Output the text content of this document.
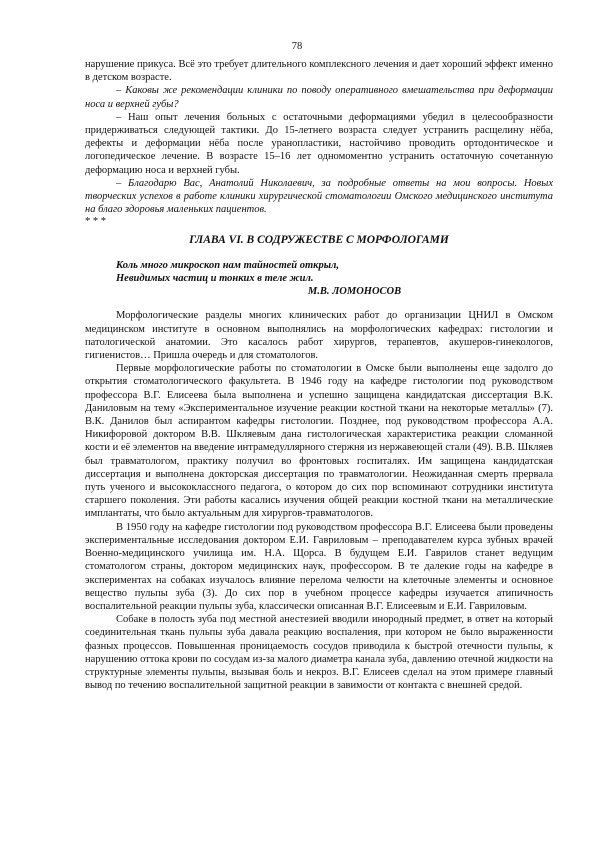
78

нарушение прикуса. Всё это требует длительного комплексного лечения и дает хороший эффект именно в детском возрасте.

– Каковы же рекомендации клиники по поводу оперативного вмешательства при деформации носа и верхней губы?

– Наш опыт лечения больных с остаточными деформациями убедил в целесообразности придерживаться следующей тактики. До 15-летнего возраста следует устранить расщелину нёба, дефекты и деформации нёба после уранопластики, настойчиво проводить ортодонтическое и логопедическое лечение. В возрасте 15–16 лет одномоментно устранить остаточную сочетанную деформацию носа и верхней губы.

– Благодарю Вас, Анатолий Николаевич, за подробные ответы на мои вопросы. Новых творческих успехов в работе клиники хирургической стоматологии Омского медицинского института на благо здоровья маленьких пациентов.

* * *

ГЛАВА VI. В СОДРУЖЕСТВЕ С МОРФОЛОГАМИ
Коль много микроскоп нам тайностей открыл,
Невидимых частиц и тонких в теле жил.
М.В. ЛОМОНОСОВ

Морфологические разделы многих клинических работ до организации ЦНИЛ в Омском медицинском институте в основном выполнялись на морфологических кафедрах: гистологии и патологической анатомии. Это касалось работ хирургов, терапевтов, акушеров-гинекологов, гигиенистов… Пришла очередь и для стоматологов.

Первые морфологические работы по стоматологии в Омске были выполнены еще задолго до открытия стоматологического факультета. В 1946 году на кафедре гистологии под руководством профессора В.Г. Елисеева была выполнена и успешно защищена кандидатская диссертация В.К. Даниловым на тему «Экспериментальное изучение реакции костной ткани на некоторые металлы» (7). В.К. Данилов был аспирантом кафедры гистологии. Позднее, под руководством профессора А.А. Никифоровой доктором В.В. Шкляевым дана гистологическая характеристика реакции сломанной кости и её элементов на введение интрамедуллярного стержня из нержавеющей стали (49). В.В. Шкляев был травматологом, практику получил во фронтовых госпиталях. Им защищена кандидатская диссертация и выполнена докторская диссертация по травматологии. Неожиданная смерть прервала путь ученого и высококлассного педагога, о котором до сих пор вспоминают сотрудники института старшего поколения. Эти работы касались изучения общей реакции костной ткани на металлические имплантаты, что было актуальным для хирургов-травматологов.

В 1950 году на кафедре гистологии под руководством профессора В.Г. Елисеева были проведены экспериментальные исследования доктором Е.И. Гавриловым – преподавателем курса зубных врачей Военно-медицинского училища им. Н.А. Щорса. В будущем Е.И. Гаврилов станет ведущим стоматологом страны, доктором медицинских наук, профессором. В те далекие годы на кафедре в экспериментах на собаках изучалось влияние перелома челюсти на клеточные элементы и основное вещество пульпы зуба (3). До сих пор в учебном процессе кафедры изучается атипичность воспалительной реакции пульпы зуба, классически описанная В.Г. Елисеевым и Е.И. Гавриловым.

Собаке в полость зуба под местной анестезией вводили инородный предмет, в ответ на который соединительная ткань пульпы зуба давала реакцию воспаления, при котором не было выраженности фазных процессов. Повышенная проницаемость сосудов приводила к быстрой отечности пульпы, к нарушению оттока крови по сосудам из-за малого диаметра канала зуба, давлению отечной жидкости на структурные элементы пульпы, вызывая боль и некроз. В.Г. Елисеев сделал на этом примере главный вывод по течению воспалительной защитной реакции в завимости от контакта с внешней средой.
